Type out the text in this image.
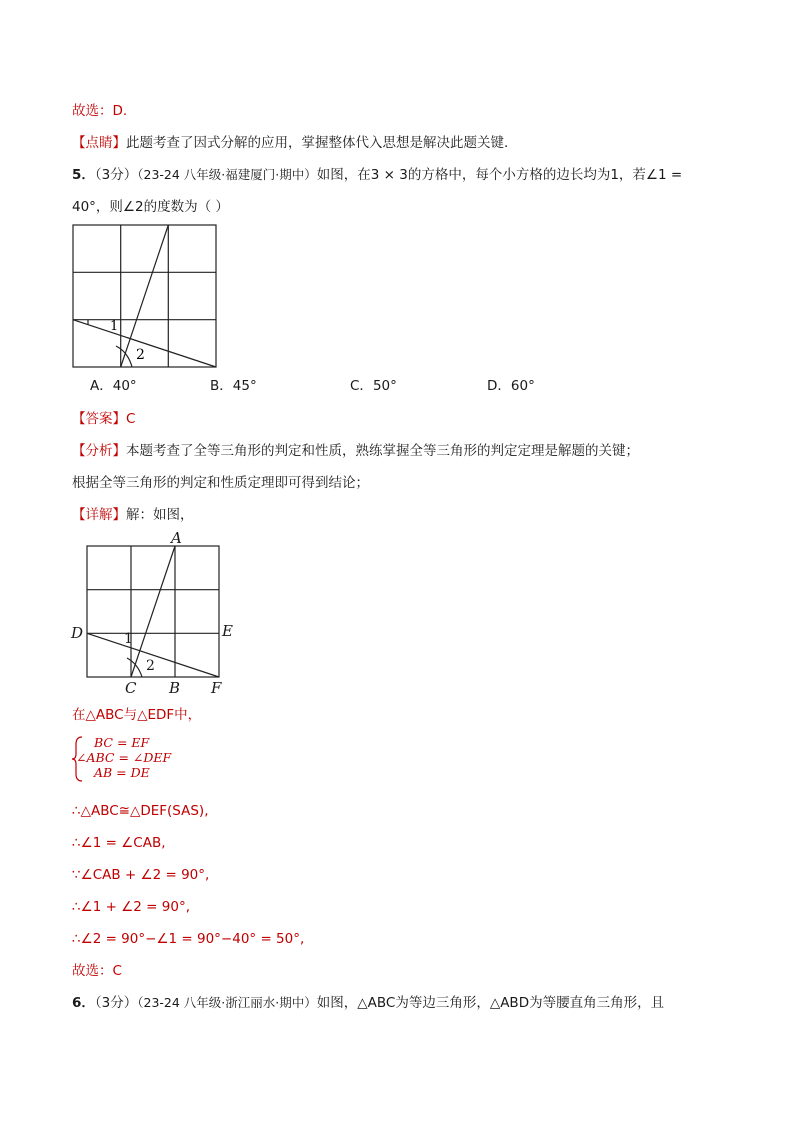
故选：D.
【点睛】此题考查了因式分解的应用，掌握整体代入思想是解决此题关键.
5．（3分）（23-24 八年级·福建厦门·期中）如图，在3 × 3的方格中，每个小方格的边长均为1，若∠1 =
40°，则∠2的度数为（ ）
1
2
A．40°	B．45°	C．50°	D．60°
【答案】C
【分析】本题考查了全等三角形的判定和性质，熟练掌握全等三角形的判定定理是解题的关键；
根据全等三角形的判定和性质定理即可得到结论；
【详解】解：如图，
A
D	E
C B F
1
2
在△ABC与△EDF中，
BC = EF
∠ABC = ∠DEF
AB = DE
∴△ABC≅△DEF(SAS),
∴∠1 = ∠CAB,
∵∠CAB + ∠2 = 90°,
∴∠1 + ∠2 = 90°,
∴∠2 = 90°−∠1 = 90°−40° = 50°,
故选：C
6．（3分）（23-24 八年级·浙江丽水·期中）如图，△ABC为等边三角形，△ABD为等腰直角三角形，且
